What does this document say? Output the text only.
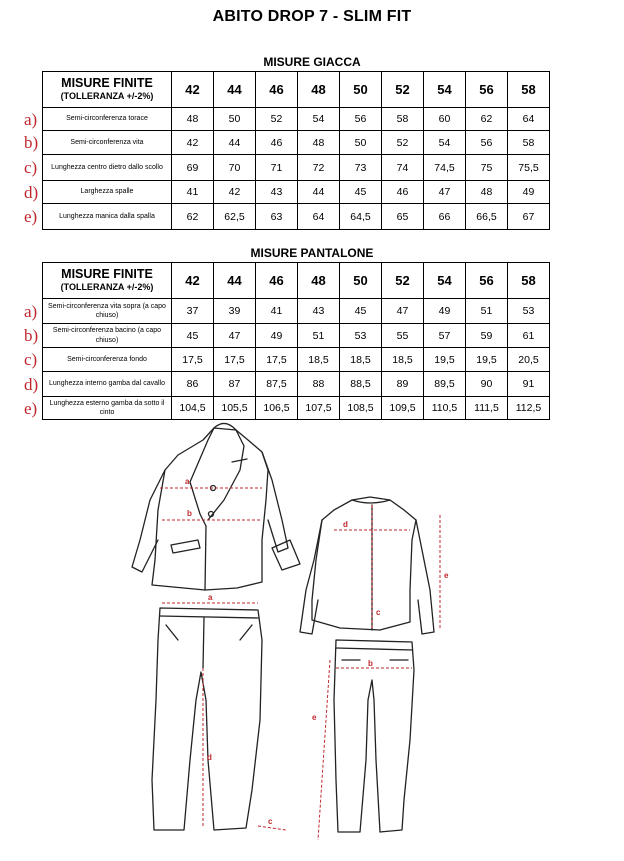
ABITO DROP 7 - SLIM FIT
MISURE GIACCA
MISURE FINITE
(TOLLERANZA +/-2%)	42	44	46	48	50	52	54	56	58
Semi-circonferenza torace	48	50	52	54	56	58	60	62	64
Semi-circonferenza vita	42	44	46	48	50	52	54	56	58
Lunghezza centro dietro dallo scollo	69	70	71	72	73	74	74,5	75	75,5
Larghezza spalle	41	42	43	44	45	46	47	48	49
Lunghezza manica dalla spalla	62	62,5	63	64	64,5	65	66	66,5	67
MISURE PANTALONE
MISURE FINITE
(TOLLERANZA +/-2%)	42	44	46	48	50	52	54	56	58
Semi-circonferenza vita sopra (a capo chiuso)	37	39	41	43	45	47	49	51	53
Semi-circonferenza bacino (a capo chiuso)	45	47	49	51	53	55	57	59	61
Semi-circonferenza fondo	17,5	17,5	17,5	18,5	18,5	18,5	19,5	19,5	20,5
Lunghezza interno gamba dal cavallo	86	87	87,5	88	88,5	89	89,5	90	91
Lunghezza esterno gamba da sotto il cinto	104,5	105,5	106,5	107,5	108,5	109,5	110,5	111,5	112,5
a)
b)
c)
d)
e)
a)
b)
c)
d)
e)
a
b
d
c
e
a
d
c
b
e
